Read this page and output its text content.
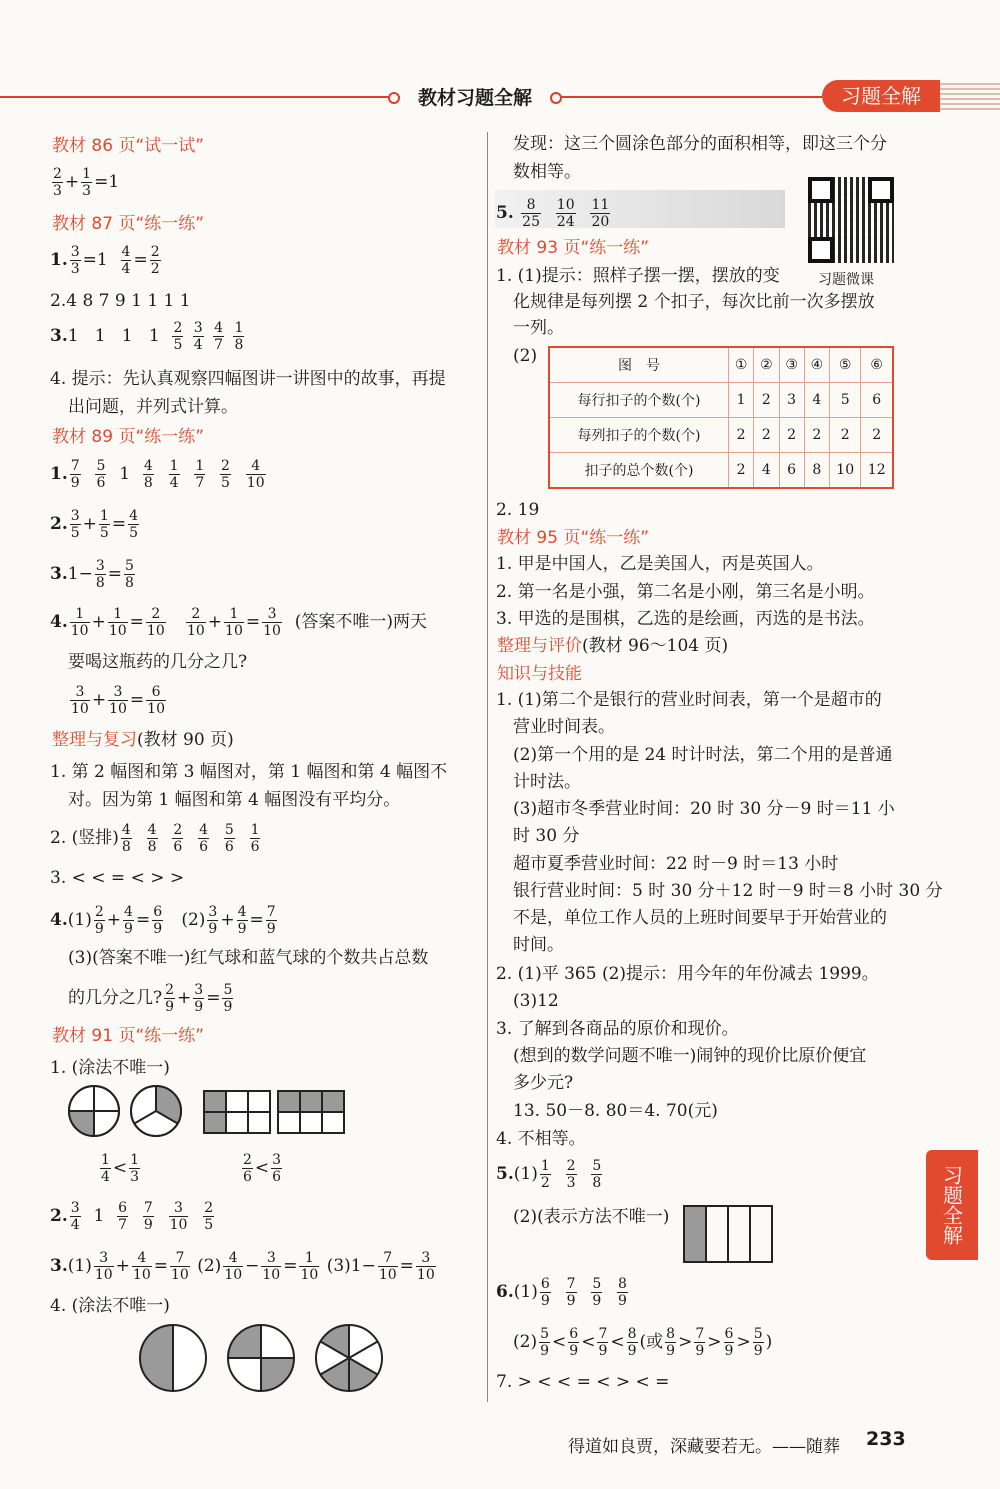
教材习题全解	习题全解
教材 86 页“试一试”
$\frac{2}{3} + \frac{1}{3} =1$
教材 87 页“练一练”
1. $\frac{3}{3} =1 \frac{4}{4} = \frac{2}{2}$
2.4 8 7 9 1 1 1 1
3.1   1   1   $1 \frac{2}{5}$
$\frac{3}{4}$
$\frac{4}{7}$
$\frac{1}{8}$
4. 提示：先认真观察四幅图讲一讲图中的故事，再提
出问题，并列式计算。
教材 89 页“练一练”
1. $\frac{7}{9}$
$\frac{5}{6} 1 \frac{4}{8}$
$\frac{1}{4}$
$\frac{1}{7}$
$\frac{2}{5}$
$\frac{4}{10}$
2. $\frac{3}{5} + \frac{1}{5} = \frac{4}{5}$
$3.1- \frac{3}{8} = \frac{5}{8}$
4. $\frac{1}{10} + \frac{1}{10} = \frac{2}{10}$
$\frac{2}{10} + \frac{1}{10} = \frac{3}{10}$ (答案不唯一)两天
要喝这瓶药的几分之几?
$\frac{3}{10} + \frac{3}{10} = \frac{6}{10}$
整理与复习(教材 90 页)
1. 第 2 幅图和第 3 幅图对，第 1 幅图和第 4 幅图不
对。因为第 1 幅图和第 4 幅图没有平均分。
2. (竖排) $\frac{4}{8}$
$\frac{4}{8}$
$\frac{2}{6}$
$\frac{4}{6}$
$\frac{5}{6}$
$\frac{1}{6}$
3. < < = < > >
$4.(1) \frac{2}{9} + \frac{4}{9} = \frac{6}{9} (2) \frac{3}{9} + \frac{4}{9} = \frac{7}{9}$
(3)(答案不唯一)红气球和蓝气球的个数共占总数
的几分之几? $\frac{2}{9} + \frac{3}{9} = \frac{5}{9}$
教材 91 页“练一练”
1. (涂法不唯一)
$\frac{1}{4} < \frac{1}{3}$	$\frac{2}{6} < \frac{3}{6}$
2. $\frac{3}{4} 1 \frac{6}{7}$
$\frac{7}{9}$
$\frac{3}{10}$
$\frac{2}{5}$
$3.(1) \frac{3}{10} + \frac{4}{10} = \frac{7}{10} (2) \frac{4}{10} - \frac{3}{10} = \frac{1}{10} (3)1- \frac{7}{10} = \frac{3}{10}$
4. (涂法不唯一)
发现：这三个圆涂色部分的面积相等，即这三个分
数相等。
5. $\frac{8}{25}$
$\frac{10}{24}$
$\frac{11}{20}$
习题微课
教材 93 页“练一练”
1. (1)提示：照样子摆一摆，摆放的变
化规律是每列摆 2 个扣子，每次比前一次多摆放
一列。
(2)	图　号	①	②	③	④	⑤	⑥
每行扣子的个数(个)	1	2	3	4	5	6
每列扣子的个数(个)	2	2	2	2	2	2
扣子的总个数(个)	2	4	6	8	10	12
2. 19
教材 95 页“练一练”
1. 甲是中国人，乙是美国人，丙是英国人。
2. 第一名是小强，第二名是小刚，第三名是小明。
3. 甲选的是围棋，乙选的是绘画，丙选的是书法。
整理与评价(教材 96～104 页)
知识与技能
1. (1)第二个是银行的营业时间表，第一个是超市的
营业时间表。
(2)第一个用的是 24 时计时法，第二个用的是普通
计时法。
(3)超市冬季营业时间：20 时 30 分－9 时＝11 小
时 30 分
超市夏季营业时间：22 时－9 时＝13 小时
银行营业时间：5 时 30 分＋12 时－9 时＝8 小时 30 分
不是，单位工作人员的上班时间要早于开始营业的
时间。
2. (1)平 365 (2)提示：用今年的年份减去 1999。
(3)12
3. 了解到各商品的原价和现价。
(想到的数学问题不唯一)闹钟的现价比原价便宜
多少元?
13. 50－8. 80＝4. 70(元)
4. 不相等。
$5.(1) \frac{1}{2}$
$\frac{2}{3}$
$\frac{5}{8}$
(2)(表示方法不唯一)
$6.(1) \frac{6}{9}$
$\frac{7}{9}$
$\frac{5}{9}$
$\frac{8}{9}$
$(2) \frac{5}{9} < \frac{6}{9} < \frac{7}{9} < \frac{8}{9}$ (或 $\frac{8}{9} > \frac{7}{9} > \frac{6}{9} > \frac{5}{9}$ )
7. > < < = < > < =
习题全解
得道如良贾，深藏要若无。——随葬 233
